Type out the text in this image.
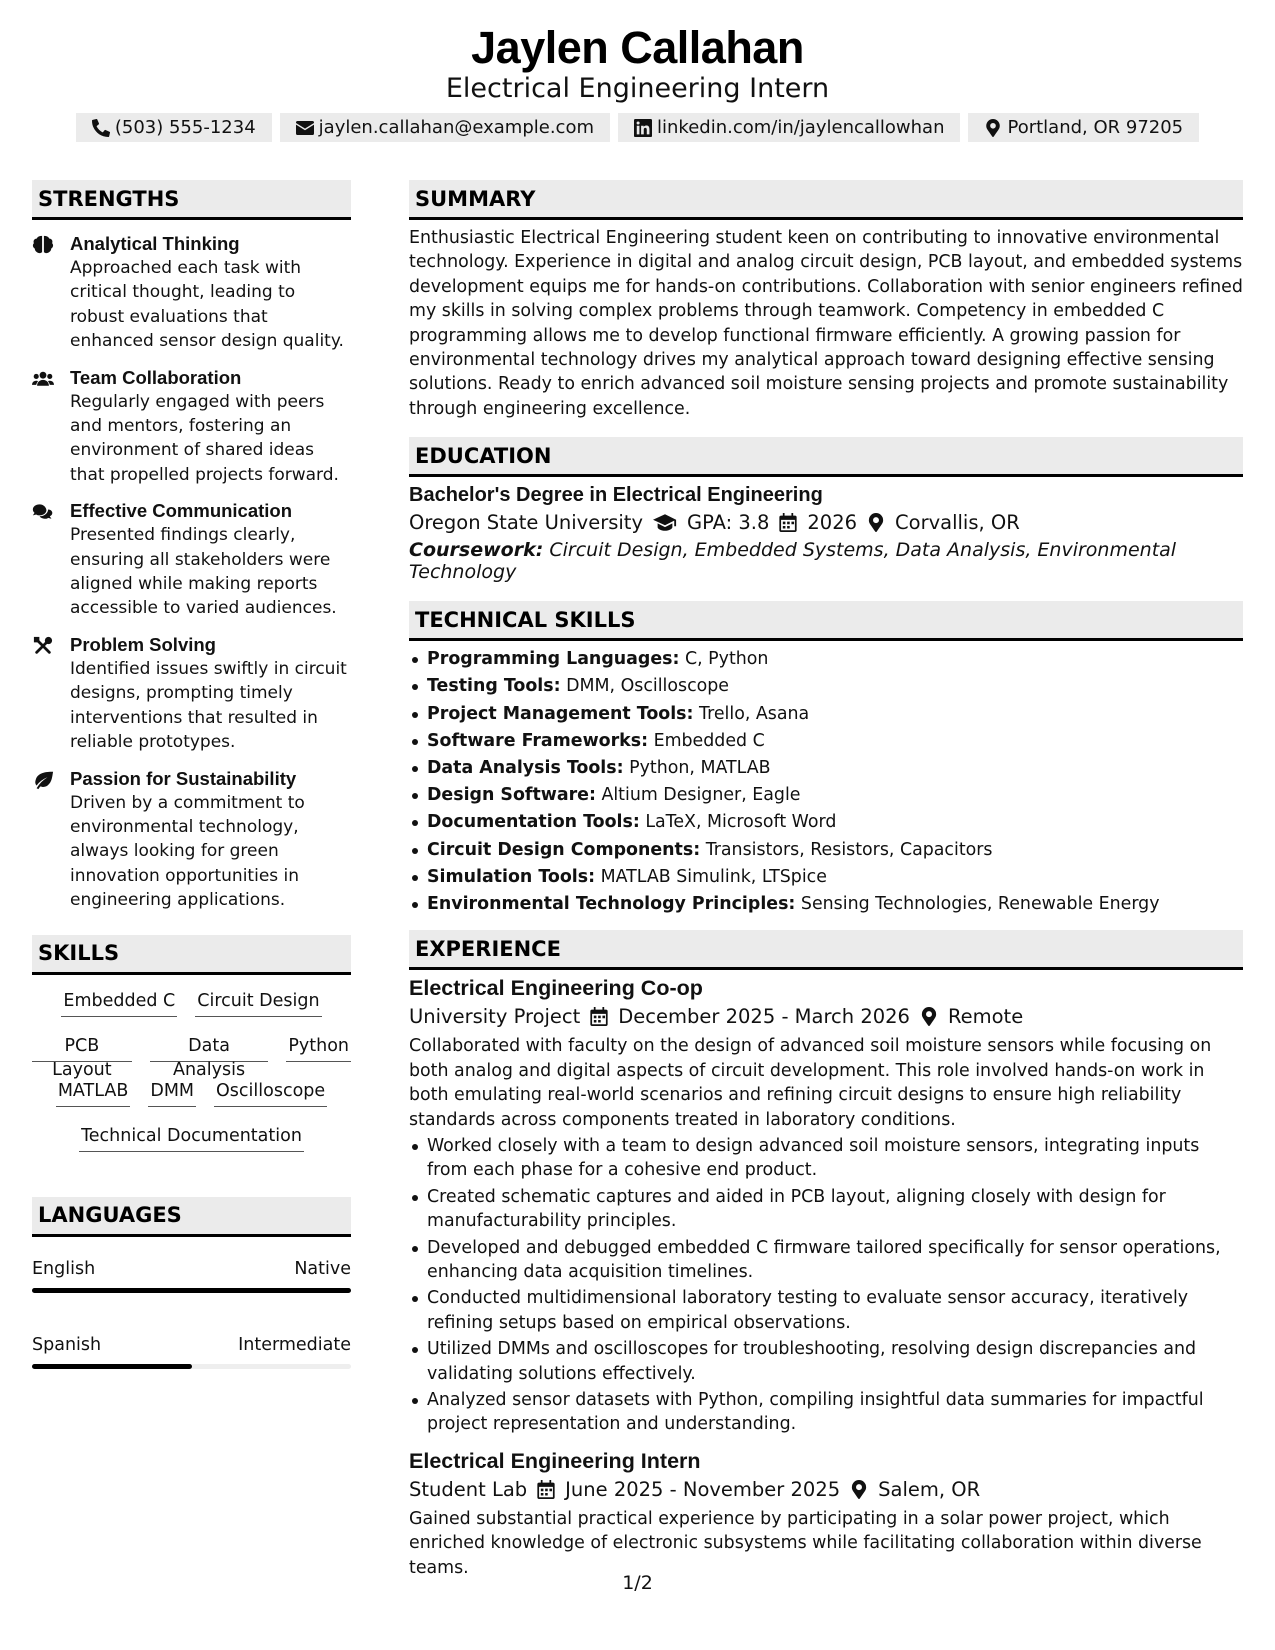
Jaylen Callahan
Electrical Engineering Intern
(503) 555-1234	jaylen.callahan@example.com	linkedin.com/in/jaylencallowhan	Portland, OR 97205
STRENGTHS
Analytical Thinking
Approached each task with critical thought, leading to robust evaluations that enhanced sensor design quality.
Team Collaboration
Regularly engaged with peers and mentors, fostering an environment of shared ideas that propelled projects forward.
Effective Communication
Presented findings clearly, ensuring all stakeholders were aligned while making reports accessible to varied audiences.
Problem Solving
Identified issues swiftly in circuit designs, prompting timely interventions that resulted in reliable prototypes.
Passion for Sustainability
Driven by a commitment to environmental technology, always looking for green innovation opportunities in engineering applications.
SKILLS
Embedded C Circuit Design
PCB Layout
Data Analysis
Python
MATLAB DMM Oscilloscope
Technical Documentation
LANGUAGES
English	Native
Spanish	Intermediate
SUMMARY
Enthusiastic Electrical Engineering student keen on contributing to innovative environmental technology. Experience in digital and analog circuit design, PCB layout, and embedded systems development equips me for hands-on contributions. Collaboration with senior engineers refined my skills in solving complex problems through teamwork. Competency in embedded C programming allows me to develop functional firmware efficiently. A growing passion for environmental technology drives my analytical approach toward designing effective sensing solutions. Ready to enrich advanced soil moisture sensing projects and promote sustainability through engineering excellence.
EDUCATION
Bachelor's Degree in Electrical Engineering
Oregon State University GPA: 3.8 2026 Corvallis, OR
Coursework: Circuit Design, Embedded Systems, Data Analysis, Environmental Technology
TECHNICAL SKILLS
Programming Languages: C, Python
Testing Tools: DMM, Oscilloscope
Project Management Tools: Trello, Asana
Software Frameworks: Embedded C
Data Analysis Tools: Python, MATLAB
Design Software: Altium Designer, Eagle
Documentation Tools: LaTeX, Microsoft Word
Circuit Design Components: Transistors, Resistors, Capacitors
Simulation Tools: MATLAB Simulink, LTSpice
Environmental Technology Principles: Sensing Technologies, Renewable Energy
EXPERIENCE
Electrical Engineering Co-op
University Project December 2025 - March 2026 Remote
Collaborated with faculty on the design of advanced soil moisture sensors while focusing on both analog and digital aspects of circuit development. This role involved hands-on work in both emulating real-world scenarios and refining circuit designs to ensure high reliability standards across components treated in laboratory conditions.
Worked closely with a team to design advanced soil moisture sensors, integrating inputs from each phase for a cohesive end product.
Created schematic captures and aided in PCB layout, aligning closely with design for manufacturability principles.
Developed and debugged embedded C firmware tailored specifically for sensor operations, enhancing data acquisition timelines.
Conducted multidimensional laboratory testing to evaluate sensor accuracy, iteratively refining setups based on empirical observations.
Utilized DMMs and oscilloscopes for troubleshooting, resolving design discrepancies and validating solutions effectively.
Analyzed sensor datasets with Python, compiling insightful data summaries for impactful project representation and understanding.
Electrical Engineering Intern
Student Lab June 2025 - November 2025 Salem, OR
Gained substantial practical experience by participating in a solar power project, which enriched knowledge of electronic subsystems while facilitating collaboration within diverse teams.
1/2
